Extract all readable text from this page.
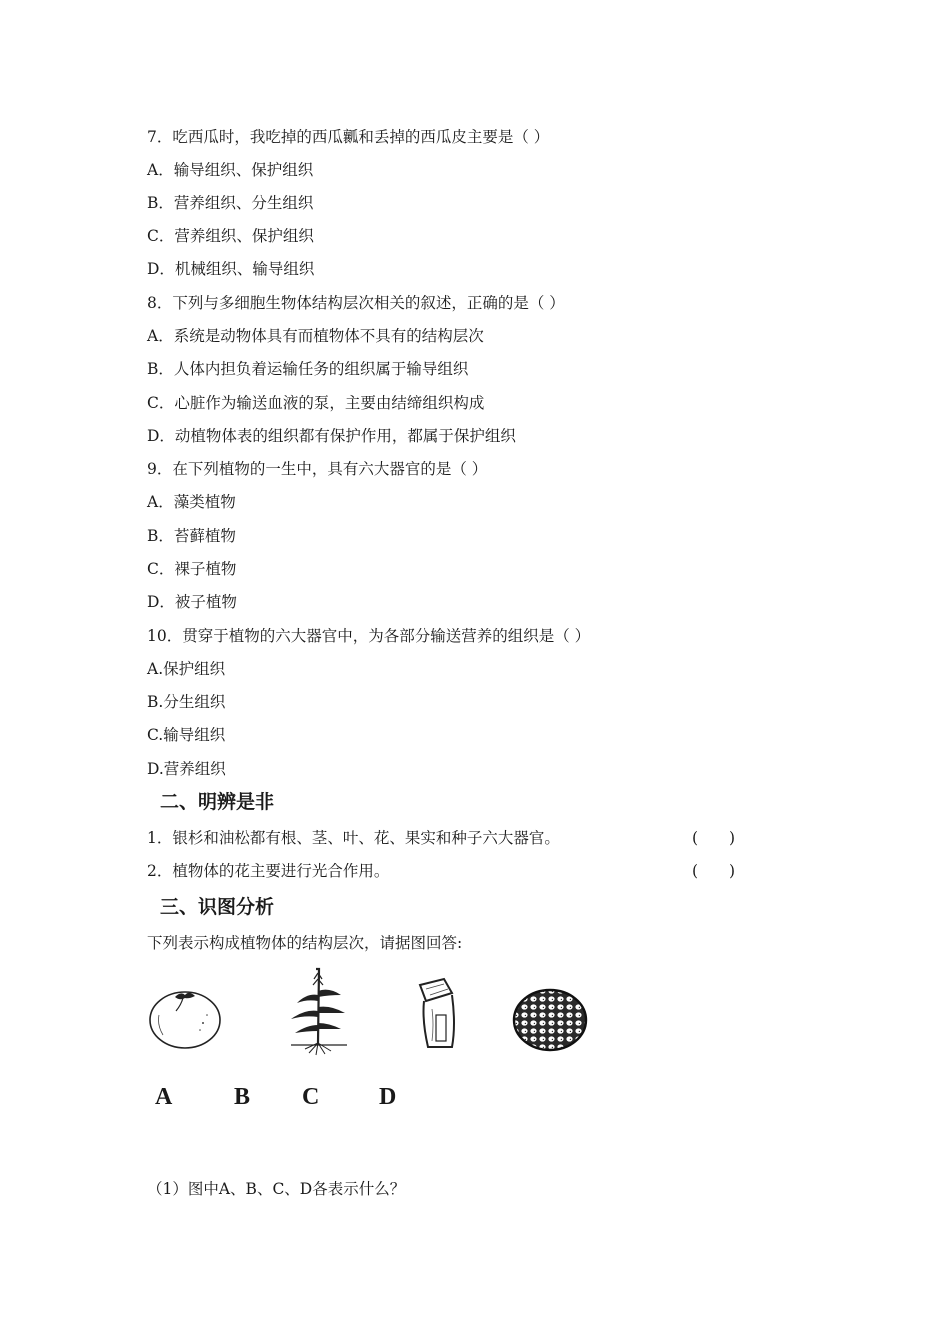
7．吃西瓜时，我吃掉的西瓜瓤和丢掉的西瓜皮主要是（ ）
A．输导组织、保护组织
B．营养组织、分生组织
C．营养组织、保护组织
D．机械组织、输导组织
8．下列与多细胞生物体结构层次相关的叙述，正确的是（ ）
A．系统是动物体具有而植物体不具有的结构层次
B．人体内担负着运输任务的组织属于输导组织
C．心脏作为输送血液的泵，主要由结缔组织构成
D．动植物体表的组织都有保护作用，都属于保护组织
9．在下列植物的一生中，具有六大器官的是（ ）
A．藻类植物
B．苔藓植物
C．裸子植物
D．被子植物
10．贯穿于植物的六大器官中，为各部分输送营养的组织是（ ）
A.保护组织
B.分生组织
C.输导组织
D.营养组织
二、明辨是非
1．银杉和油松都有根、茎、叶、花、果实和种子六大器官。	(　　)
2．植物体的花主要进行光合作用。	(　　)
三、识图分析
下列表示构成植物体的结构层次，请据图回答:
A	B C D
（1）图中A、B、C、D各表示什么？
